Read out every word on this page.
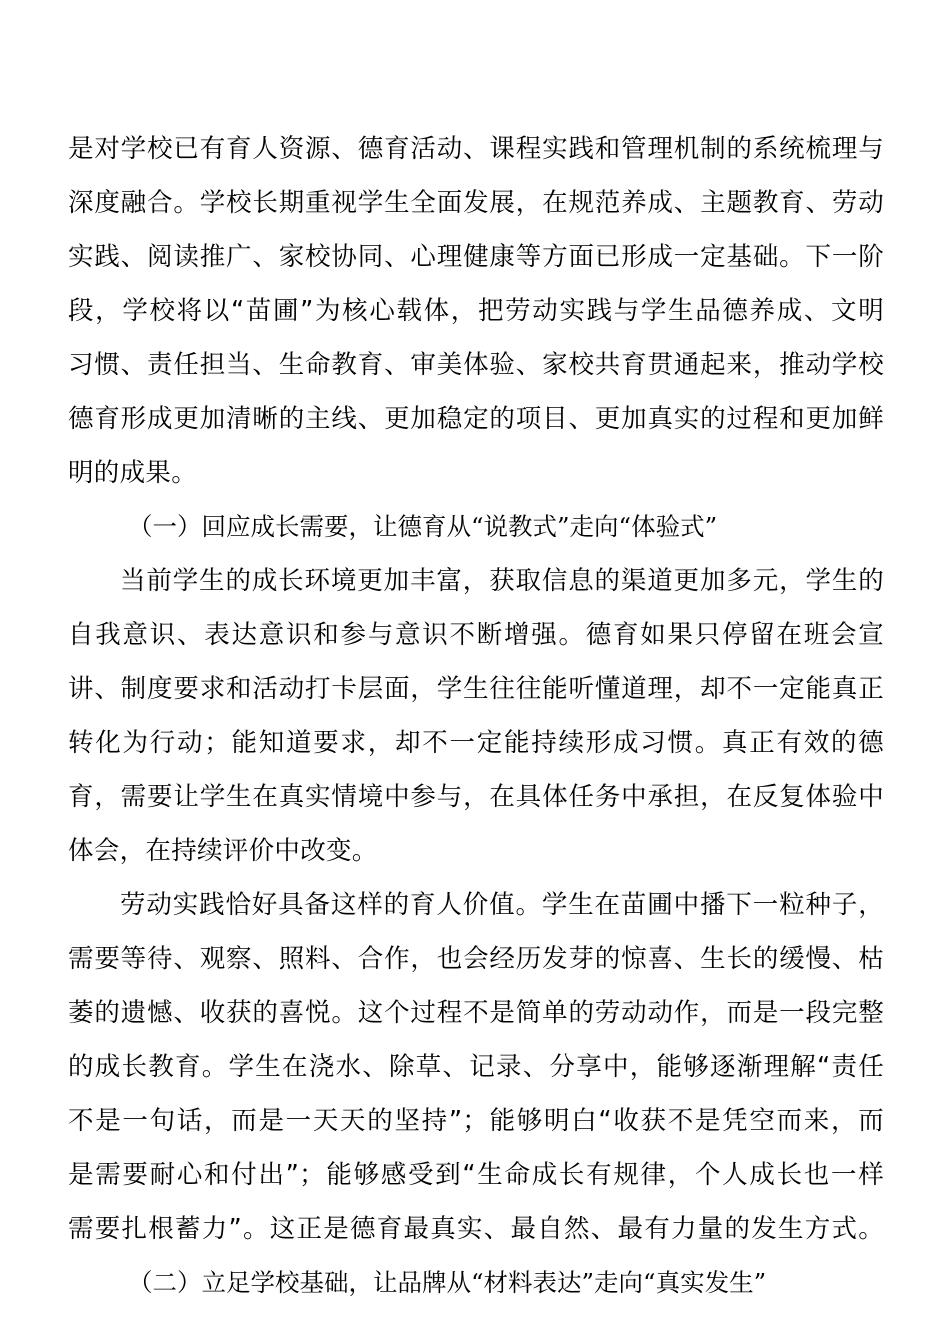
是对学校已有育人资源、德育活动、课程实践和管理机制的系统梳理与
深度融合。学校长期重视学生全面发展，在规范养成、主题教育、劳动
实践、阅读推广、家校协同、心理健康等方面已形成一定基础。下一阶
段，学校将以“苗圃”为核心载体，把劳动实践与学生品德养成、文明
习惯、责任担当、生命教育、审美体验、家校共育贯通起来，推动学校
德育形成更加清晰的主线、更加稳定的项目、更加真实的过程和更加鲜
明的成果。
（一）回应成长需要，让德育从“说教式”走向“体验式”
当前学生的成长环境更加丰富，获取信息的渠道更加多元，学生的
自我意识、表达意识和参与意识不断增强。德育如果只停留在班会宣
讲、制度要求和活动打卡层面，学生往往能听懂道理，却不一定能真正
转化为行动；能知道要求，却不一定能持续形成习惯。真正有效的德
育，需要让学生在真实情境中参与，在具体任务中承担，在反复体验中
体会，在持续评价中改变。
劳动实践恰好具备这样的育人价值。学生在苗圃中播下一粒种子，
需要等待、观察、照料、合作，也会经历发芽的惊喜、生长的缓慢、枯
萎的遗憾、收获的喜悦。这个过程不是简单的劳动动作，而是一段完整
的成长教育。学生在浇水、除草、记录、分享中，能够逐渐理解“责任
不是一句话，而是一天天的坚持”；能够明白“收获不是凭空而来，而
是需要耐心和付出”；能够感受到“生命成长有规律，个人成长也一样
需要扎根蓄力”。这正是德育最真实、最自然、最有力量的发生方式。
（二）立足学校基础，让品牌从“材料表达”走向“真实发生”
